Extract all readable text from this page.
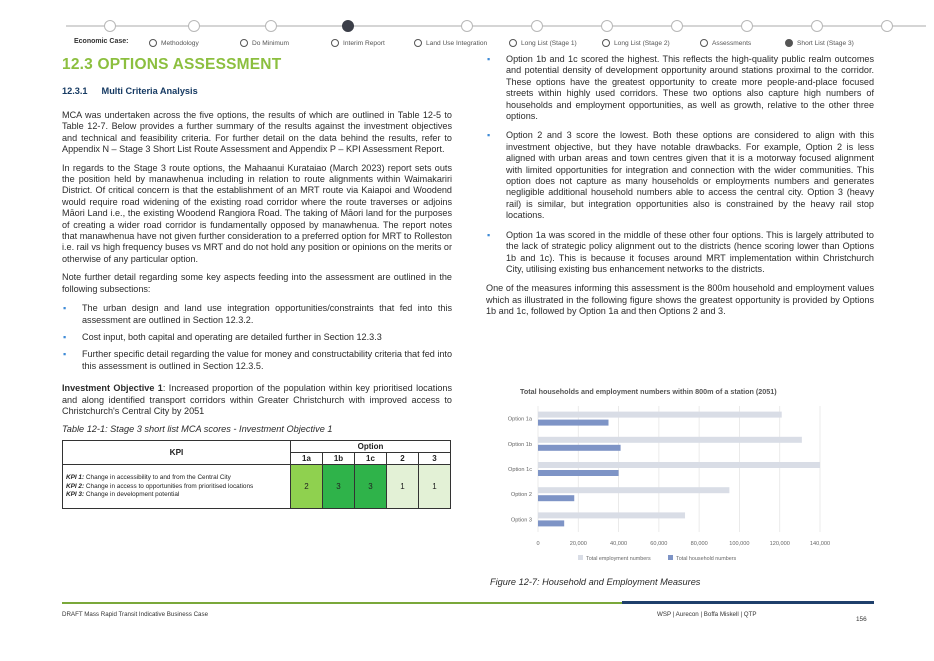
Economic Case:	Methodology	Do Minimum	Interim Report	Land Use Integration	Long List (Stage 1)	Long List (Stage 2)	Assessments	Short List (Stage 3)
12.3 OPTIONS ASSESSMENT
12.3.1 Multi Criteria Analysis

MCA was undertaken across the five options, the results of which are outlined in Table 12-5 to Table 12-7. Below provides a further summary of the results against the investment objectives and technical and feasibility criteria. For further detail on the data behind the results, refer to Appendix N – Stage 3 Short List Route Assessment and Appendix P – KPI Assessment Report.

In regards to the Stage 3 route options, the Mahaanui Kurataiao (March 2023) report sets outs the position held by manawhenua including in relation to route alignments within Waimakariri District. Of critical concern is that the establishment of an MRT route via Kaiapoi and Woodend would require road widening of the existing road corridor where the route traverses or adjoins Māori Land i.e., the existing Woodend Rangiora Road. The taking of Māori land for the purposes of creating a wider road corridor is fundamentally opposed by manawhenua. The report notes that manawhenua have not given further consideration to a preferred option for MRT to Rolleston i.e. rail vs high frequency buses vs MRT and do not hold any position or opinions on the merits or otherwise of any particular option.

Note further detail regarding some key aspects feeding into the assessment are outlined in the following subsections:

▪ The urban design and land use integration opportunities/constraints that fed into this assessment are outlined in Section 12.3.2.
▪ Cost input, both capital and operating are detailed further in Section 12.3.3
▪ Further specific detail regarding the value for money and constructability criteria that fed into this assessment is outlined in Section 12.3.5.

Investment Objective 1: Increased proportion of the population within key prioritised locations and along identified transport corridors within Greater Christchurch with improved access to Christchurch's Central City by 2051

Table 12-1: Stage 3 short list MCA scores - Investment Objective 1
KPI	Option				
	1a	1b	1c	2	3

KPI 1: Change in accessibility to and from the Central City
KPI 2: Change in access to opportunities from prioritised locations
KPI 3: Change in development potential	2	3	3	1	1
▪ Option 1b and 1c scored the highest. This reflects the high-quality public realm outcomes and potential density of development opportunity around stations proximal to the corridor. These options have the greatest opportunity to create more people-and-place focused streets within highly used corridors. These two options also capture high numbers of households and employment opportunities, as well as growth, relative to the other three options.
▪ Option 2 and 3 score the lowest. Both these options are considered to align with this investment objective, but they have notable drawbacks. For example, Option 2 is less aligned with urban areas and town centres given that it is a motorway focused alignment with limited opportunities for integration and connection with the wider communities. This option does not capture as many households or employments numbers and generates negligible additional household numbers able to access the central city. Option 3 (heavy rail) is similar, but integration opportunities also is constrained by the heavy rail stop locations.
▪ Option 1a was scored in the middle of these other four options. This is largely attributed to the lack of strategic policy alignment out to the districts (hence scoring lower than Options 1b and 1c). This is because it focuses around MRT implementation within Christchurch City, utilising existing bus enhancement networks to the districts.

One of the measures informing this assessment is the 800m household and employment values which as illustrated in the following figure shows the greatest opportunity is provided by Options 1b and 1c, followed by Option 1a and then Options 2 and 3.

Total households and employment numbers within 800m of a station (2051)
0	20,000	40,000	60,000	80,000	100,000	120,000	140,000
Option 1a
Option 1b
Option 1c
Option 2
Option 3
Total employment numbers	Total household numbers
Figure 12-7: Household and Employment Measures
DRAFT Mass Rapid Transit Indicative Business Case	WSP | Aurecon | Boffa Miskell | QTP
156
